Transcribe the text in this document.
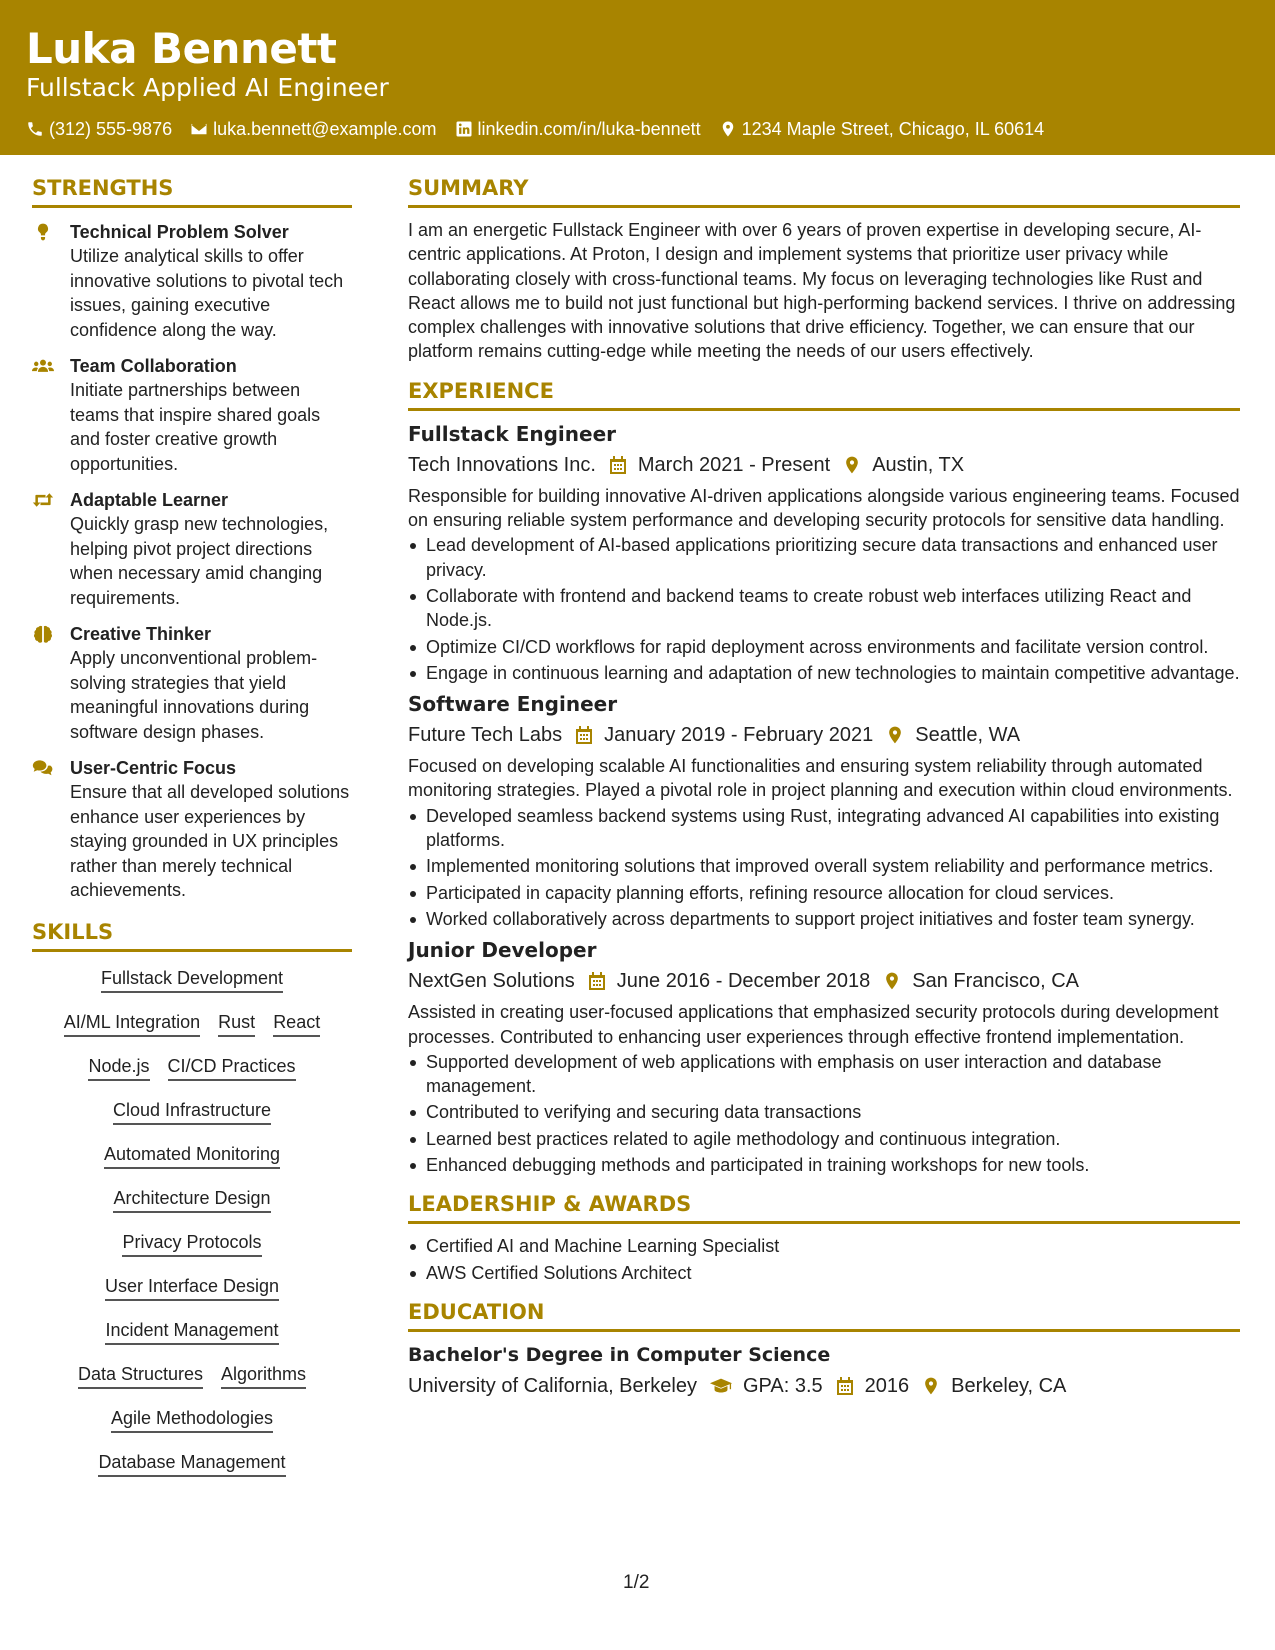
Luka Bennett
Fullstack Applied AI Engineer
(312) 555-9876 luka.bennett@example.com linkedin.com/in/luka-bennett 1234 Maple Street, Chicago, IL 60614
STRENGTHS
Technical Problem Solver
Utilize analytical skills to offer innovative solutions to pivotal tech issues, gaining executive confidence along the way.
Team Collaboration
Initiate partnerships between teams that inspire shared goals and foster creative growth opportunities.
Adaptable Learner
Quickly grasp new technologies, helping pivot project directions when necessary amid changing requirements.
Creative Thinker
Apply unconventional problem-solving strategies that yield meaningful innovations during software design phases.
User-Centric Focus
Ensure that all developed solutions enhance user experiences by staying grounded in UX principles rather than merely technical achievements.
SKILLS
Fullstack Development
AI/ML Integration Rust React
Node.js CI/CD Practices
Cloud Infrastructure
Automated Monitoring
Architecture Design
Privacy Protocols
User Interface Design
Incident Management
Data Structures Algorithms
Agile Methodologies
Database Management
SUMMARY
I am an energetic Fullstack Engineer with over 6 years of proven expertise in developing secure, AI-centric applications. At Proton, I design and implement systems that prioritize user privacy while collaborating closely with cross-functional teams. My focus on leveraging technologies like Rust and React allows me to build not just functional but high-performing backend services. I thrive on addressing complex challenges with innovative solutions that drive efficiency. Together, we can ensure that our platform remains cutting-edge while meeting the needs of our users effectively.
EXPERIENCE
Fullstack Engineer
Tech Innovations Inc. March 2021 - Present Austin, TX
Responsible for building innovative AI-driven applications alongside various engineering teams. Focused on ensuring reliable system performance and developing security protocols for sensitive data handling.
Lead development of AI-based applications prioritizing secure data transactions and enhanced user privacy.
Collaborate with frontend and backend teams to create robust web interfaces utilizing React and Node.js.
Optimize CI/CD workflows for rapid deployment across environments and facilitate version control.
Engage in continuous learning and adaptation of new technologies to maintain competitive advantage.
Software Engineer
Future Tech Labs January 2019 - February 2021 Seattle, WA
Focused on developing scalable AI functionalities and ensuring system reliability through automated monitoring strategies. Played a pivotal role in project planning and execution within cloud environments.
Developed seamless backend systems using Rust, integrating advanced AI capabilities into existing platforms.
Implemented monitoring solutions that improved overall system reliability and performance metrics.
Participated in capacity planning efforts, refining resource allocation for cloud services.
Worked collaboratively across departments to support project initiatives and foster team synergy.
Junior Developer
NextGen Solutions June 2016 - December 2018 San Francisco, CA
Assisted in creating user-focused applications that emphasized security protocols during development processes. Contributed to enhancing user experiences through effective frontend implementation.
Supported development of web applications with emphasis on user interaction and database management.
Contributed to verifying and securing data transactions
Learned best practices related to agile methodology and continuous integration.
Enhanced debugging methods and participated in training workshops for new tools.
LEADERSHIP & AWARDS
Certified AI and Machine Learning Specialist
AWS Certified Solutions Architect
EDUCATION
Bachelor's Degree in Computer Science
University of California, Berkeley GPA: 3.5 2016 Berkeley, CA
1/2
